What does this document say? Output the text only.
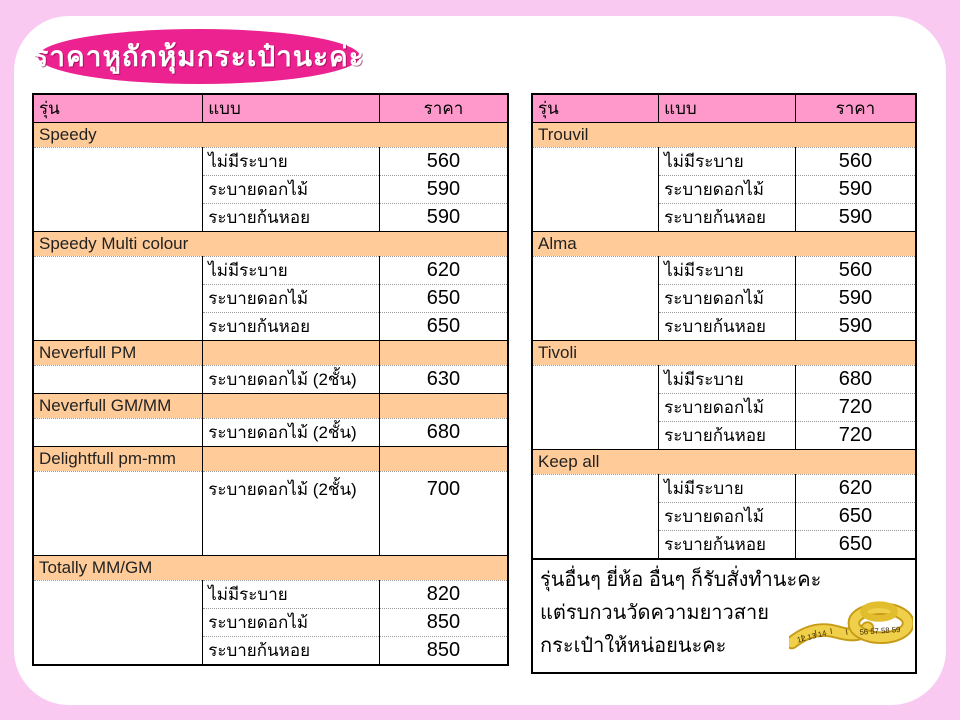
ราคาหูถักหุ้มกระเป๋านะค่ะ
รุ่น	แบบ	ราคา
Speedy		
	ไม่มีระบาย	560
	ระบายดอกไม้	590
	ระบายก้นหอย	590
Speedy Multi colour		
	ไม่มีระบาย	620
	ระบายดอกไม้	650
	ระบายก้นหอย	650
Neverfull PM		
	ระบายดอกไม้ (2ชั้น)	630
Neverfull GM/MM		
	ระบายดอกไม้ (2ชั้น)	680
Delightfull pm-mm		
	ระบายดอกไม้ (2ชั้น)	700

Totally MM/GM		
	ไม่มีระบาย	820
	ระบายดอกไม้	850
	ระบายก้นหอย	850
รุ่น	แบบ	ราคา
Trouvil		
	ไม่มีระบาย	560
	ระบายดอกไม้	590
	ระบายก้นหอย	590
Alma		
	ไม่มีระบาย	560
	ระบายดอกไม้	590
	ระบายก้นหอย	590
Tivoli		
	ไม่มีระบาย	680
	ระบายดอกไม้	720
	ระบายก้นหอย	720
Keep all		
	ไม่มีระบาย	620
	ระบายดอกไม้	650
	ระบายก้นหอย	650
รุ่นอื่นๆ ยี่ห้อ อื่นๆ ก็รับสั่งทำนะคะ
แต่รบกวนวัดความยาวสาย
กระเป๋าให้หน่อยนะคะ	12 13 14	56 57 58 59
